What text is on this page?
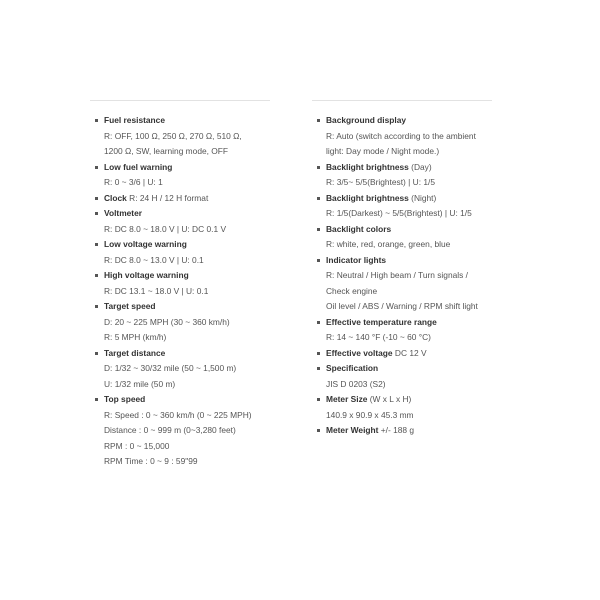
Fuel resistance
R: OFF, 100 Ω, 250 Ω, 270 Ω, 510 Ω,
1200 Ω, SW, learning mode, OFF
Low fuel warning
R: 0 ~ 3/6 | U: 1
Clock R: 24 H / 12 H format
Voltmeter
R: DC 8.0 ~ 18.0 V | U: DC 0.1 V
Low voltage warning
R: DC 8.0 ~ 13.0 V | U: 0.1
High voltage warning
R: DC 13.1 ~ 18.0 V | U: 0.1
Target speed
D: 20 ~ 225 MPH (30 ~ 360 km/h)
R: 5 MPH (km/h)
Target distance
D: 1/32 ~ 30/32 mile (50 ~ 1,500 m)
U: 1/32 mile (50 m)
Top speed
R: Speed : 0 ~ 360 km/h (0 ~ 225 MPH)
Distance : 0 ~ 999 m (0~3,280 feet)
RPM : 0 ~ 15,000
RPM Time : 0 ~ 9 : 59"99
Background display
R: Auto (switch according to the ambient
light: Day mode / Night mode.)
Backlight brightness (Day)
R: 3/5~ 5/5(Brightest) | U: 1/5
Backlight brightness (Night)
R: 1/5(Darkest) ~ 5/5(Brightest) | U: 1/5
Backlight colors
R: white, red, orange, green, blue
Indicator lights
R: Neutral / High beam / Turn signals /
Check engine
Oil level / ABS / Warning / RPM shift light
Effective temperature range
R: 14 ~ 140 °F (-10 ~ 60 °C)
Effective voltage DC 12 V
Specification
JIS D 0203 (S2)
Meter Size (W x L x H)
140.9 x 90.9 x 45.3 mm
Meter Weight +/- 188 g
